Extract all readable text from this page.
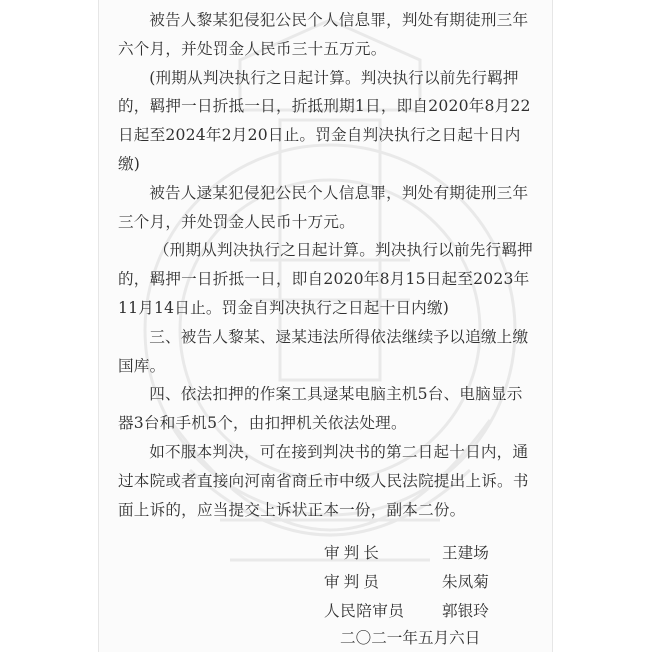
被告人黎某犯侵犯公民个人信息罪，判处有期徒刑三年六个月，并处罚金人民币三十五万元。

(刑期从判决执行之日起计算。判决执行以前先行羁押的，羁押一日折抵一日，折抵刑期1日，即自2020年8月22日起至2024年2月20日止。罚金自判决执行之日起十日内缴)

被告人逯某犯侵犯公民个人信息罪，判处有期徒刑三年三个月，并处罚金人民币十万元。

（刑期从判决执行之日起计算。判决执行以前先行羁押的，羁押一日折抵一日，即自2020年8月15日起至2023年11月14日止。罚金自判决执行之日起十日内缴)

三、被告人黎某、逯某违法所得依法继续予以追缴上缴国库。

四、依法扣押的作案工具逯某电脑主机5台、电脑显示器3台和手机5个，由扣押机关依法处理。

如不服本判决，可在接到判决书的第二日起十日内，通过本院或者直接向河南省商丘市中级人民法院提出上诉。书面上诉的，应当提交上诉状正本一份，副本二份。

审判长	王建场
审判员	朱凤菊
人民陪审员	郭银玲
二〇二一年五月六日
